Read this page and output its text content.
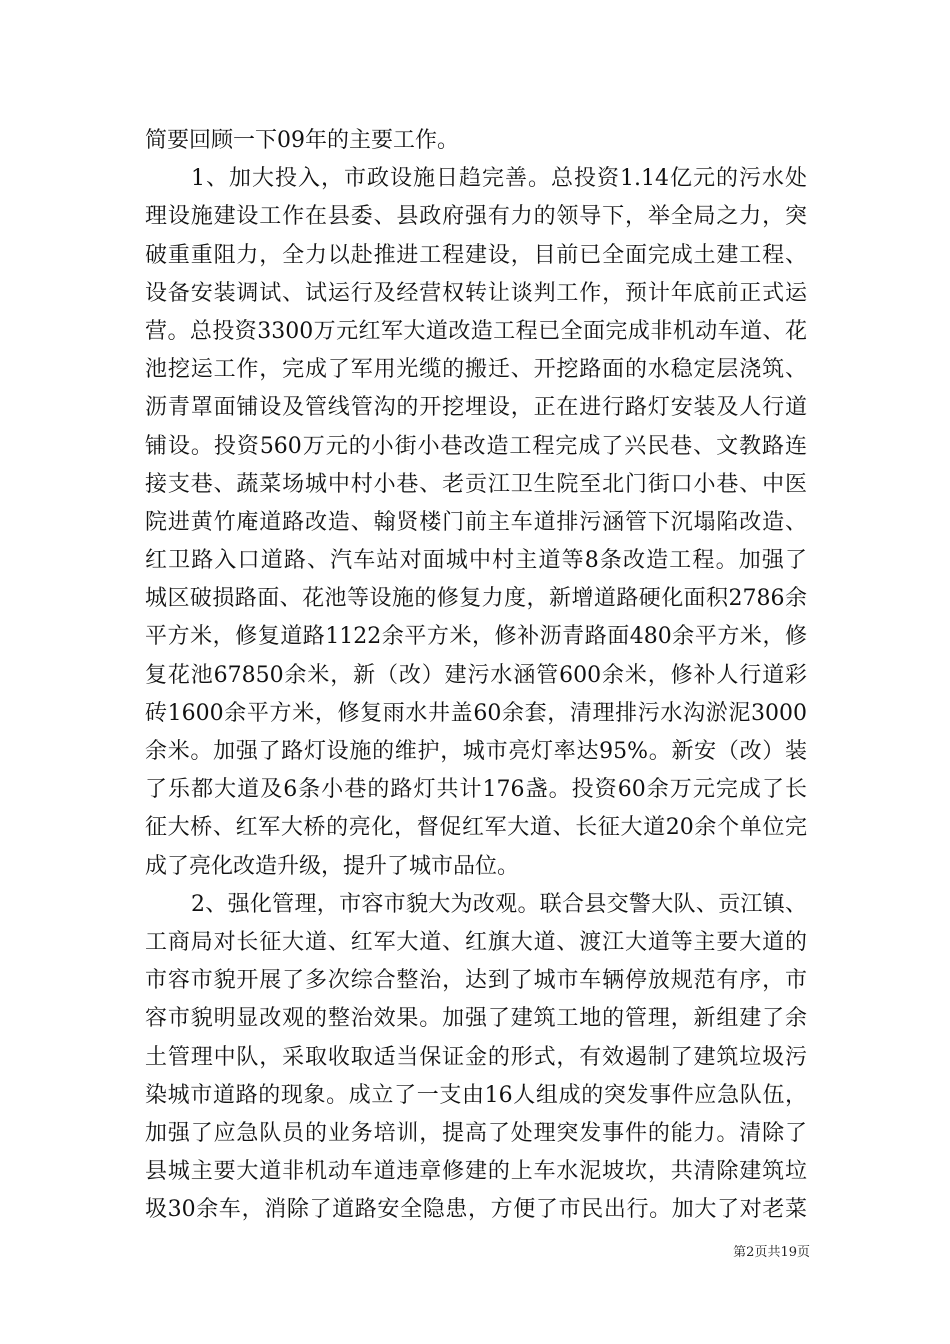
简要回顾一下09年的主要工作。
1、加大投入，市政设施日趋完善。总投资1.14亿元的污水处
理设施建设工作在县委、县政府强有力的领导下，举全局之力，突
破重重阻力，全力以赴推进工程建设，目前已全面完成土建工程、
设备安装调试、试运行及经营权转让谈判工作，预计年底前正式运
营。总投资3300万元红军大道改造工程已全面完成非机动车道、花
池挖运工作，完成了军用光缆的搬迁、开挖路面的水稳定层浇筑、
沥青罩面铺设及管线管沟的开挖埋设，正在进行路灯安装及人行道
铺设。投资560万元的小街小巷改造工程完成了兴民巷、文教路连
接支巷、蔬菜场城中村小巷、老贡江卫生院至北门街口小巷、中医
院进黄竹庵道路改造、翰贤楼门前主车道排污涵管下沉塌陷改造、
红卫路入口道路、汽车站对面城中村主道等8条改造工程。加强了
城区破损路面、花池等设施的修复力度，新增道路硬化面积2786余
平方米，修复道路1122余平方米，修补沥青路面480余平方米，修
复花池67850余米，新（改）建污水涵管600余米，修补人行道彩
砖1600余平方米，修复雨水井盖60余套，清理排污水沟淤泥3000
余米。加强了路灯设施的维护，城市亮灯率达95%。新安（改）装
了乐都大道及6条小巷的路灯共计176盏。投资60余万元完成了长
征大桥、红军大桥的亮化，督促红军大道、长征大道20余个单位完
成了亮化改造升级，提升了城市品位。
2、强化管理，市容市貌大为改观。联合县交警大队、贡江镇、
工商局对长征大道、红军大道、红旗大道、渡江大道等主要大道的
市容市貌开展了多次综合整治，达到了城市车辆停放规范有序，市
容市貌明显改观的整治效果。加强了建筑工地的管理，新组建了余
土管理中队，采取收取适当保证金的形式，有效遏制了建筑垃圾污
染城市道路的现象。成立了一支由16人组成的突发事件应急队伍，
加强了应急队员的业务培训，提高了处理突发事件的能力。清除了
县城主要大道非机动车道违章修建的上车水泥坡坎，共清除建筑垃
圾30余车，消除了道路安全隐患，方便了市民出行。加大了对老菜
第2页共19页
